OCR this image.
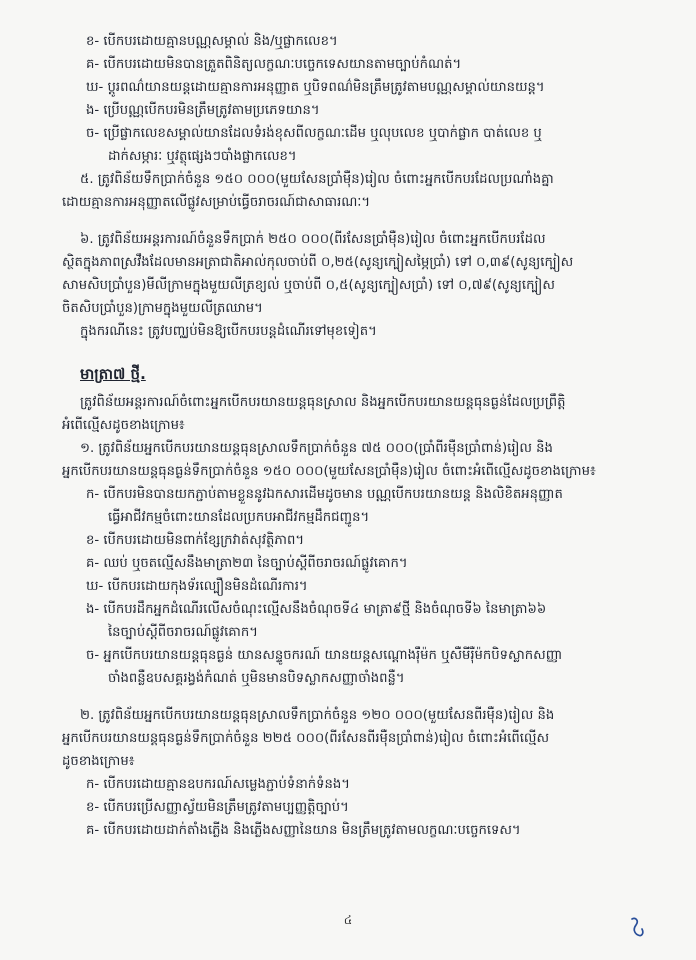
ខ- បើកបរដោយគ្មានបណ្ណសម្គាល់ និង/ឬផ្លាកលេខ។

គ- បើកបរដោយមិនបានត្រួតពិនិត្យលក្ខណៈបច្ចេកទេសយានតាមច្បាប់កំណត់។

ឃ- ប្តូរពណ៌យានយន្តដោយគ្មានការអនុញ្ញាត ឬបិទពណ៌មិនត្រឹមត្រូវតាមបណ្ណសម្គាល់យានយន្ត។

ង- ប្រើបណ្ណបើកបរមិនត្រឹមត្រូវតាមប្រភេទយាន។

ច- ប្រើផ្លាកលេខសម្គាល់យានដែលទំរង់ខុសពីលក្ខណៈដើម ឬលុបលេខ ឬបាក់ផ្លាក បាត់លេខ ឬ

ដាក់សម្ភារៈ ឬវត្ថុផ្សេងៗបាំងផ្លាកលេខ។

៥. ត្រូវពិន័យទឹកប្រាក់ចំនួន ១៥០ ០០០(មួយសែនប្រាំម៉ឺន)រៀល ចំពោះអ្នកបើកបរដែលប្រណាំងគ្នា

ដោយគ្មានការអនុញ្ញាតលើផ្លូវសម្រាប់ធ្វើចរាចរណ៍ជាសាធារណៈ។

៦. ត្រូវពិន័យអន្តរការណ៍ចំនួនទឹកប្រាក់ ២៥០ ០០០(ពីរសែនប្រាំម៉ឺន)រៀល ចំពោះអ្នកបើកបរដែល

ស្ថិតក្នុងភាពស្រវឹងដែលមានអត្រាជាតិអាល់កុលចាប់ពី ០,២៥(សូន្យក្បៀសម្ភៃប្រាំ) ទៅ ០,៣៩(សូន្យក្បៀស

សាមសិបប្រាំបួន)មីលីក្រាមក្នុងមួយលីត្រខ្យល់ ឬចាប់ពី ០,៥(សូន្យក្បៀសប្រាំ) ទៅ ០,៧៩(សូន្យក្បៀស

ចិតសិបប្រាំបួន)ក្រាមក្នុងមួយលីត្រឈាម។

ក្នុងករណីនេះ ត្រូវបញ្ឈប់មិនឱ្យបើកបរបន្តដំណើរទៅមុខទៀត។

មាត្រា៧ ថ្មី.

ត្រូវពិន័យអន្តរការណ៍ចំពោះអ្នកបើកបរយានយន្តធុនស្រាល និងអ្នកបើកបរយានយន្តធុនធ្ងន់ដែលប្រព្រឹត្តិ

អំពើល្មើសដូចខាងក្រោម៖

១. ត្រូវពិន័យអ្នកបើកបរយានយន្តធុនស្រាលទឹកប្រាក់ចំនួន ៧៥ ០០០(ប្រាំពីរម៉ឺនប្រាំពាន់)រៀល និង

អ្នកបើកបរយានយន្តធុនធ្ងន់ទឹកប្រាក់ចំនួន ១៥០ ០០០(មួយសែនប្រាំម៉ឺន)រៀល ចំពោះអំពើល្មើសដូចខាងក្រោម៖

ក- បើកបរមិនបានយកភ្ជាប់តាមខ្លួននូវឯកសារដើមដូចមាន បណ្ណបើកបរយានយន្ត និងលិខិតអនុញ្ញាត

ធ្វើអាជីវកម្មចំពោះយានដែលប្រកបអាជីវកម្មដឹកជញ្ជូន។

ខ- បើកបរដោយមិនពាក់ខ្សែក្រវាត់សុវត្ថិភាព។

គ- ឈប់ ឬចតល្មើសនឹងមាត្រា២៣ នៃច្បាប់ស្តីពីចរាចរណ៍ផ្លូវគោក។

ឃ- បើកបរដោយកុងទ័រល្បឿនមិនដំណើរការ។

ង- បើកបរដឹកអ្នកដំណើរលើសចំណុះល្មើសនឹងចំណុចទី៤ មាត្រា៩ថ្មី និងចំណុចទី៦ នៃមាត្រា៦៦

នៃច្បាប់ស្តីពីចរាចរណ៍ផ្លូវគោក។

ច- អ្នកបើកបរយានយន្តធុនធ្ងន់ យានសន្ទូចករណ៍ យានយន្តសណ្តោងរ៉ឺម៉ក ឬសឺមីរ៉ឺម៉កបិទស្លាកសញ្ញា

ចាំងពន្លឺឧបសគ្គរង្វង់កំណត់ ឬមិនមានបិទស្លាកសញ្ញាចាំងពន្លឺ។

២. ត្រូវពិន័យអ្នកបើកបរយានយន្តធុនស្រាលទឹកប្រាក់ចំនួន ១២០ ០០០(មួយសែនពីរម៉ឺន)រៀល និង

អ្នកបើកបរយានយន្តធុនធ្ងន់ទឹកប្រាក់ចំនួន ២២៥ ០០០(ពីរសែនពីរម៉ឺនប្រាំពាន់)រៀល ចំពោះអំពើល្មើស

ដូចខាងក្រោម៖

ក- បើកបរដោយគ្មានឧបករណ៍សម្លេងភ្ជាប់ទំនាក់ទំនង។

ខ- បើកបរប្រើសញ្ញាស្វ័យមិនត្រឹមត្រូវតាមប្បញ្ញត្តិច្បាប់។

គ- បើកបរដោយដាក់តាំងភ្លើង និងភ្លើងសញ្ញានៃយាន មិនត្រឹមត្រូវតាមលក្ខណៈបច្ចេកទេស។

៤
